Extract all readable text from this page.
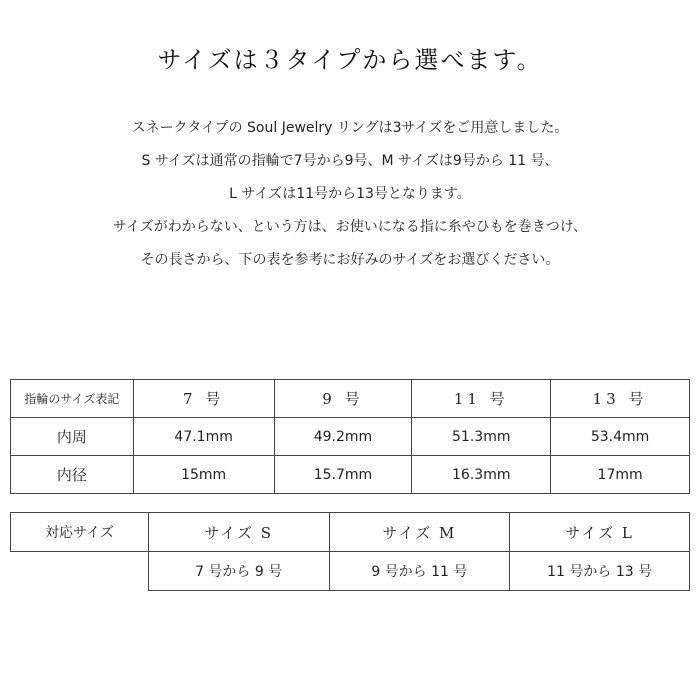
サイズは３タイプから選べます。
スネークタイプの Soul Jewelry リングは3サイズをご用意しました。
S サイズは通常の指輪で7号から9号、M サイズは9号から 11 号、
L サイズは11号から13号となります。
サイズがわからない、という方は、お使いになる指に糸やひもを巻きつけ、
その長さから、下の表を参考にお好みのサイズをお選びください。
指輪のサイズ表記	7 号	9 号	11 号	13 号
内周	47.1mm	49.2mm	51.3mm	53.4mm
内径	15mm	15.7mm	16.3mm	17mm
対応サイズ	サイズ S	サイズ M	サイズ L
	7 号から 9 号	9 号から 11 号	11 号から 13 号
